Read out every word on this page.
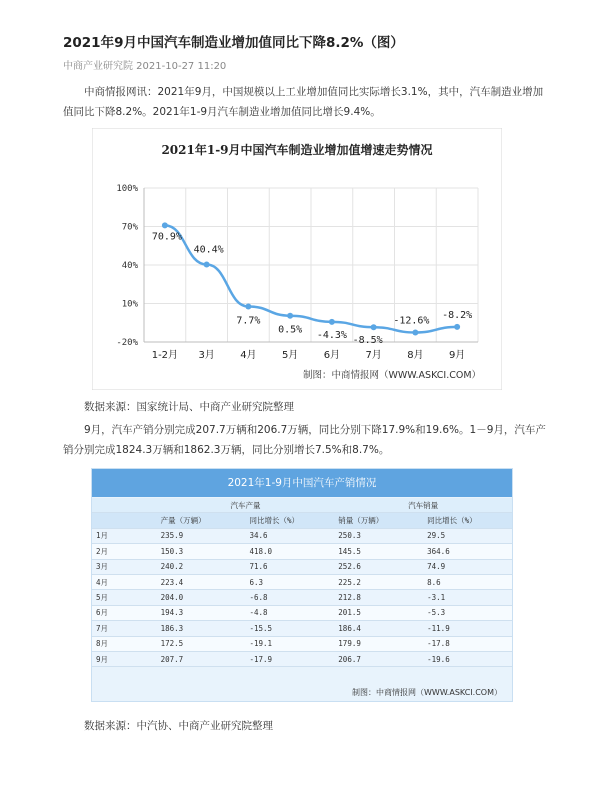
2021年9月中国汽车制造业增加值同比下降8.2%（图）
中商产业研究院 2021-10-27 11:20
中商情报网讯：2021年9月，中国规模以上工业增加值同比实际增长3.1%，其中，汽车制造业增加值同比下降8.2%。2021年1-9月汽车制造业增加值同比增长9.4%。
2021年1-9月中国汽车制造业增加值增速走势情况
100%
70%
40%
10%
-20%
70.9%
1-2月
40.4%
3月
7.7%
4月
0.5%
5月
-4.3%
6月
-8.5%
7月
-12.6%
8月
-8.2%
9月
制图：中商情报网（WWW.ASKCI.COM）
数据来源：国家统计局、中商产业研究院整理
9月，汽车产销分别完成207.7万辆和206.7万辆，同比分别下降17.9%和19.6%。1－9月，汽车产销分别完成1824.3万辆和1862.3万辆，同比分别增长7.5%和8.7%。
2021年1-9月中国汽车产销情况
	汽车产量		汽车销量	
	产量（万辆）	同比增长（%）	销量（万辆）	同比增长（%）
1月	235.9	34.6	250.3	29.5
2月	150.3	418.0	145.5	364.6
3月	240.2	71.6	252.6	74.9
4月	223.4	6.3	225.2	8.6
5月	204.0	-6.8	212.8	-3.1
6月	194.3	-4.8	201.5	-5.3
7月	186.3	-15.5	186.4	-11.9
8月	172.5	-19.1	179.9	-17.8
9月	207.7	-17.9	206.7	-19.6
制图：中商情报网（WWW.ASKCI.COM）
数据来源：中汽协、中商产业研究院整理
